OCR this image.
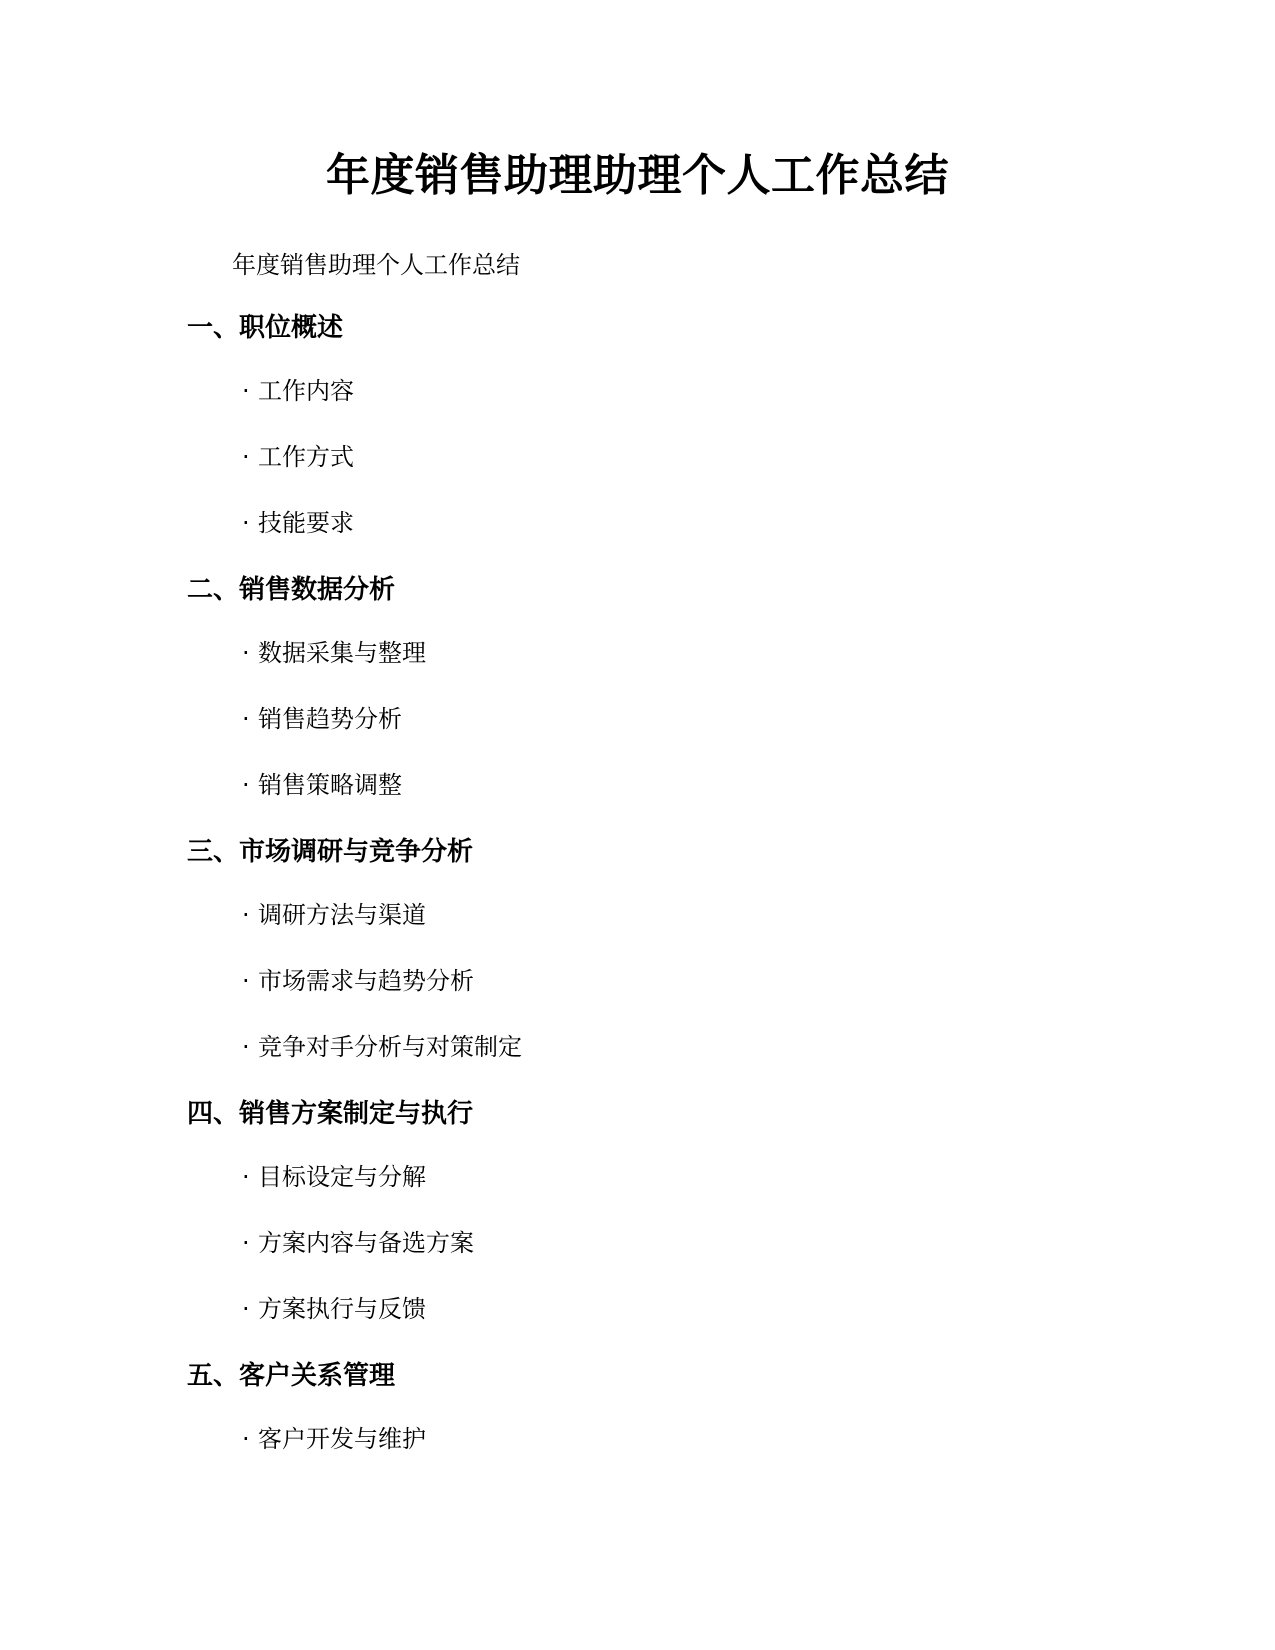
年度销售助理助理个人工作总结
年度销售助理个人工作总结
一、职位概述
· 工作内容
· 工作方式
· 技能要求
二、销售数据分析
· 数据采集与整理
· 销售趋势分析
· 销售策略调整
三、市场调研与竞争分析
· 调研方法与渠道
· 市场需求与趋势分析
· 竞争对手分析与对策制定
四、销售方案制定与执行
· 目标设定与分解
· 方案内容与备选方案
· 方案执行与反馈
五、客户关系管理
· 客户开发与维护
